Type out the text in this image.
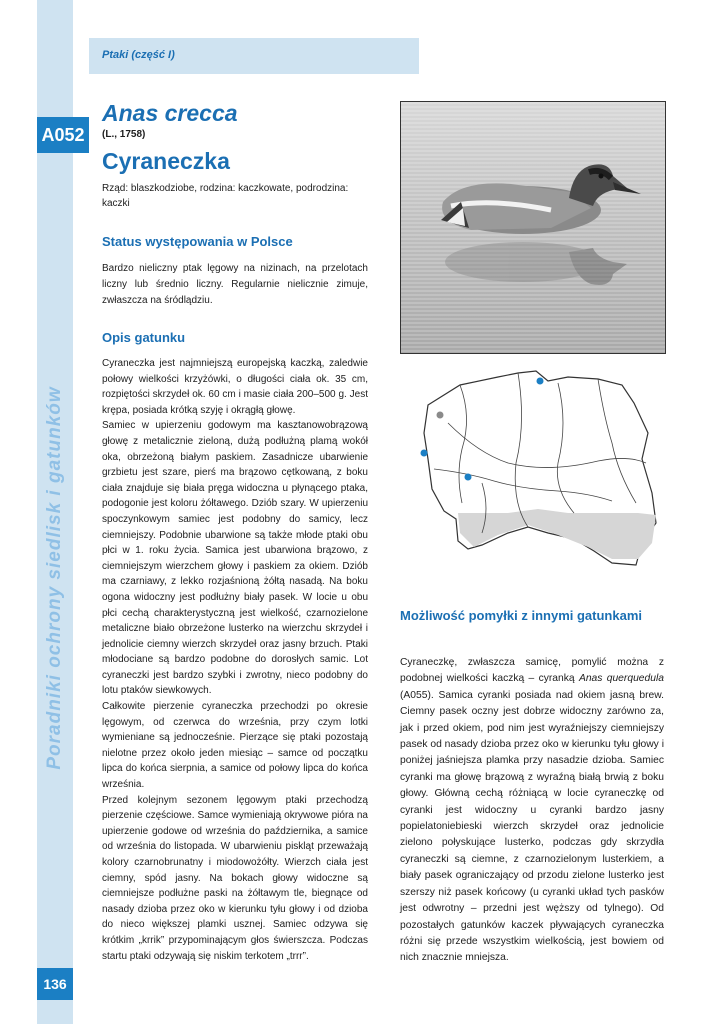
Ptaki (część I)
A052
Anas crecca
(L., 1758)
Cyraneczka
Rząd: blaszkodziobe, rodzina: kaczkowate, podrodzina: kaczki
Status występowania w Polsce
Bardzo nieliczny ptak lęgowy na nizinach, na przelotach liczny lub średnio liczny. Regularnie nielicznie zimuje, zwłaszcza na śródlądziu.
Opis gatunku

Cyraneczka jest najmniejszą europejską kaczką, zaledwie połowy wielkości krzyżówki, o długości ciała ok. 35 cm, rozpiętości skrzydeł ok. 60 cm i masie ciała 200–500 g. Jest krępa, posiada krótką szyję i okrągłą głowę.

Samiec w upierzeniu godowym ma kasztanowobrązową głowę z metalicznie zieloną, dużą podłużną plamą wokół oka, obrzeżoną białym paskiem. Zasadnicze ubarwienie grzbietu jest szare, pierś ma brązowo cętkowaną, z boku ciała znajduje się biała pręga widoczna u płynącego ptaka, podogonie jest koloru żółtawego. Dziób szary. W upierzeniu spoczynkowym samiec jest podobny do samicy, lecz ciemniejszy. Podobnie ubarwione są także młode ptaki obu płci w 1. roku życia. Samica jest ubarwiona brązowo, z ciemniejszym wierzchem głowy i paskiem za okiem. Dziób ma czarniawy, z lekko rozjaśnioną żółtą nasadą. Na boku ogona widoczny jest podłużny biały pasek. W locie u obu płci cechą charakterystyczną jest wielkość, czarnozielone metaliczne biało obrzeżone lusterko na wierzchu skrzydeł i jednolicie ciemny wierzch skrzydeł oraz jasny brzuch. Ptaki młodociane są bardzo podobne do dorosłych samic. Lot cyraneczki jest bardzo szybki i zwrotny, nieco podobny do lotu ptaków siewkowych.

Całkowite pierzenie cyraneczka przechodzi po okresie lęgowym, od czerwca do września, przy czym lotki wymieniane są jednocześnie. Pierzące się ptaki pozostają nielotne przez około jeden miesiąc – samce od początku lipca do końca sierpnia, a samice od połowy lipca do końca września.

Przed kolejnym sezonem lęgowym ptaki przechodzą pierzenie częściowe. Samce wymieniają okrywowe pióra na upierzenie godowe od września do października, a samice od września do listopada. W ubarwieniu piskląt przeważają kolory czarnobrunatny i miodowożółty. Wierzch ciała jest ciemny, spód jasny. Na bokach głowy widoczne są ciemniejsze podłużne paski na żółtawym tle, biegnące od nasady dzioba przez oko w kierunku tyłu głowy i od dzioba do nieco większej plamki usznej. Samiec odzywa się krótkim „krrik” przypominającym głos świerszcza. Podczas startu ptaki odzywają się niskim terkotem „trrr”.

Możliwość pomyłki z innymi gatunkami
Cyraneczkę, zwłaszcza samicę, pomylić można z podobnej wielkości kaczką – cyranką Anas querquedula (A055). Samica cyranki posiada nad okiem jasną brew. Ciemny pasek oczny jest dobrze widoczny zarówno za, jak i przed okiem, pod nim jest wyraźniejszy ciemniejszy pasek od nasady dzioba przez oko w kierunku tyłu głowy i poniżej jaśniejsza plamka przy nasadzie dzioba. Samiec cyranki ma głowę brązową z wyraźną białą brwią z boku głowy. Główną cechą różniącą w locie cyraneczkę od cyranki jest widoczny u cyranki bardzo jasny popielatoniebieski wierzch skrzydeł oraz jednolicie zielono połyskujące lusterko, podczas gdy skrzydła cyraneczki są ciemne, z czarnozielonym lusterkiem, a biały pasek ograniczający od przodu zielone lusterko jest szerszy niż pasek końcowy (u cyranki układ tych pasków jest odwrotny – przedni jest węższy od tylnego). Od pozostałych gatunków kaczek pływających cyraneczka różni się przede wszystkim wielkością, jest bowiem od nich znacznie mniejsza.
Poradniki ochrony siedlisk i gatunków
136
